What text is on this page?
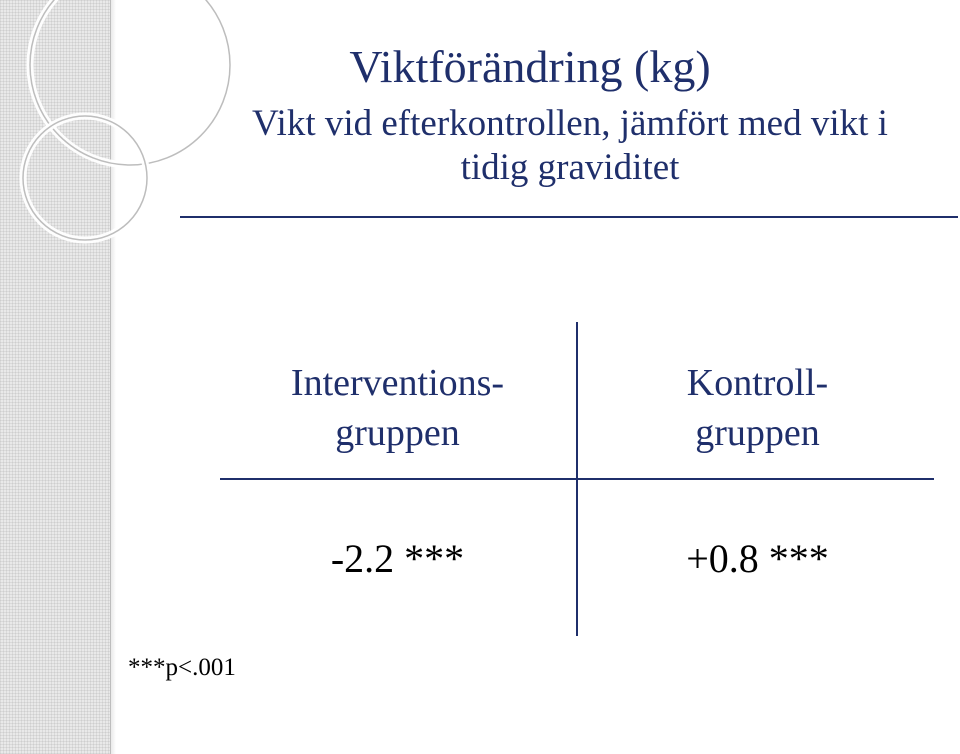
Viktförändring (kg)
Vikt vid efterkontrollen, jämfört med vikt i
tidig graviditet
Interventions-
gruppen
Kontroll-
gruppen
-2.2 ***	+0.8 ***
***p<.001
